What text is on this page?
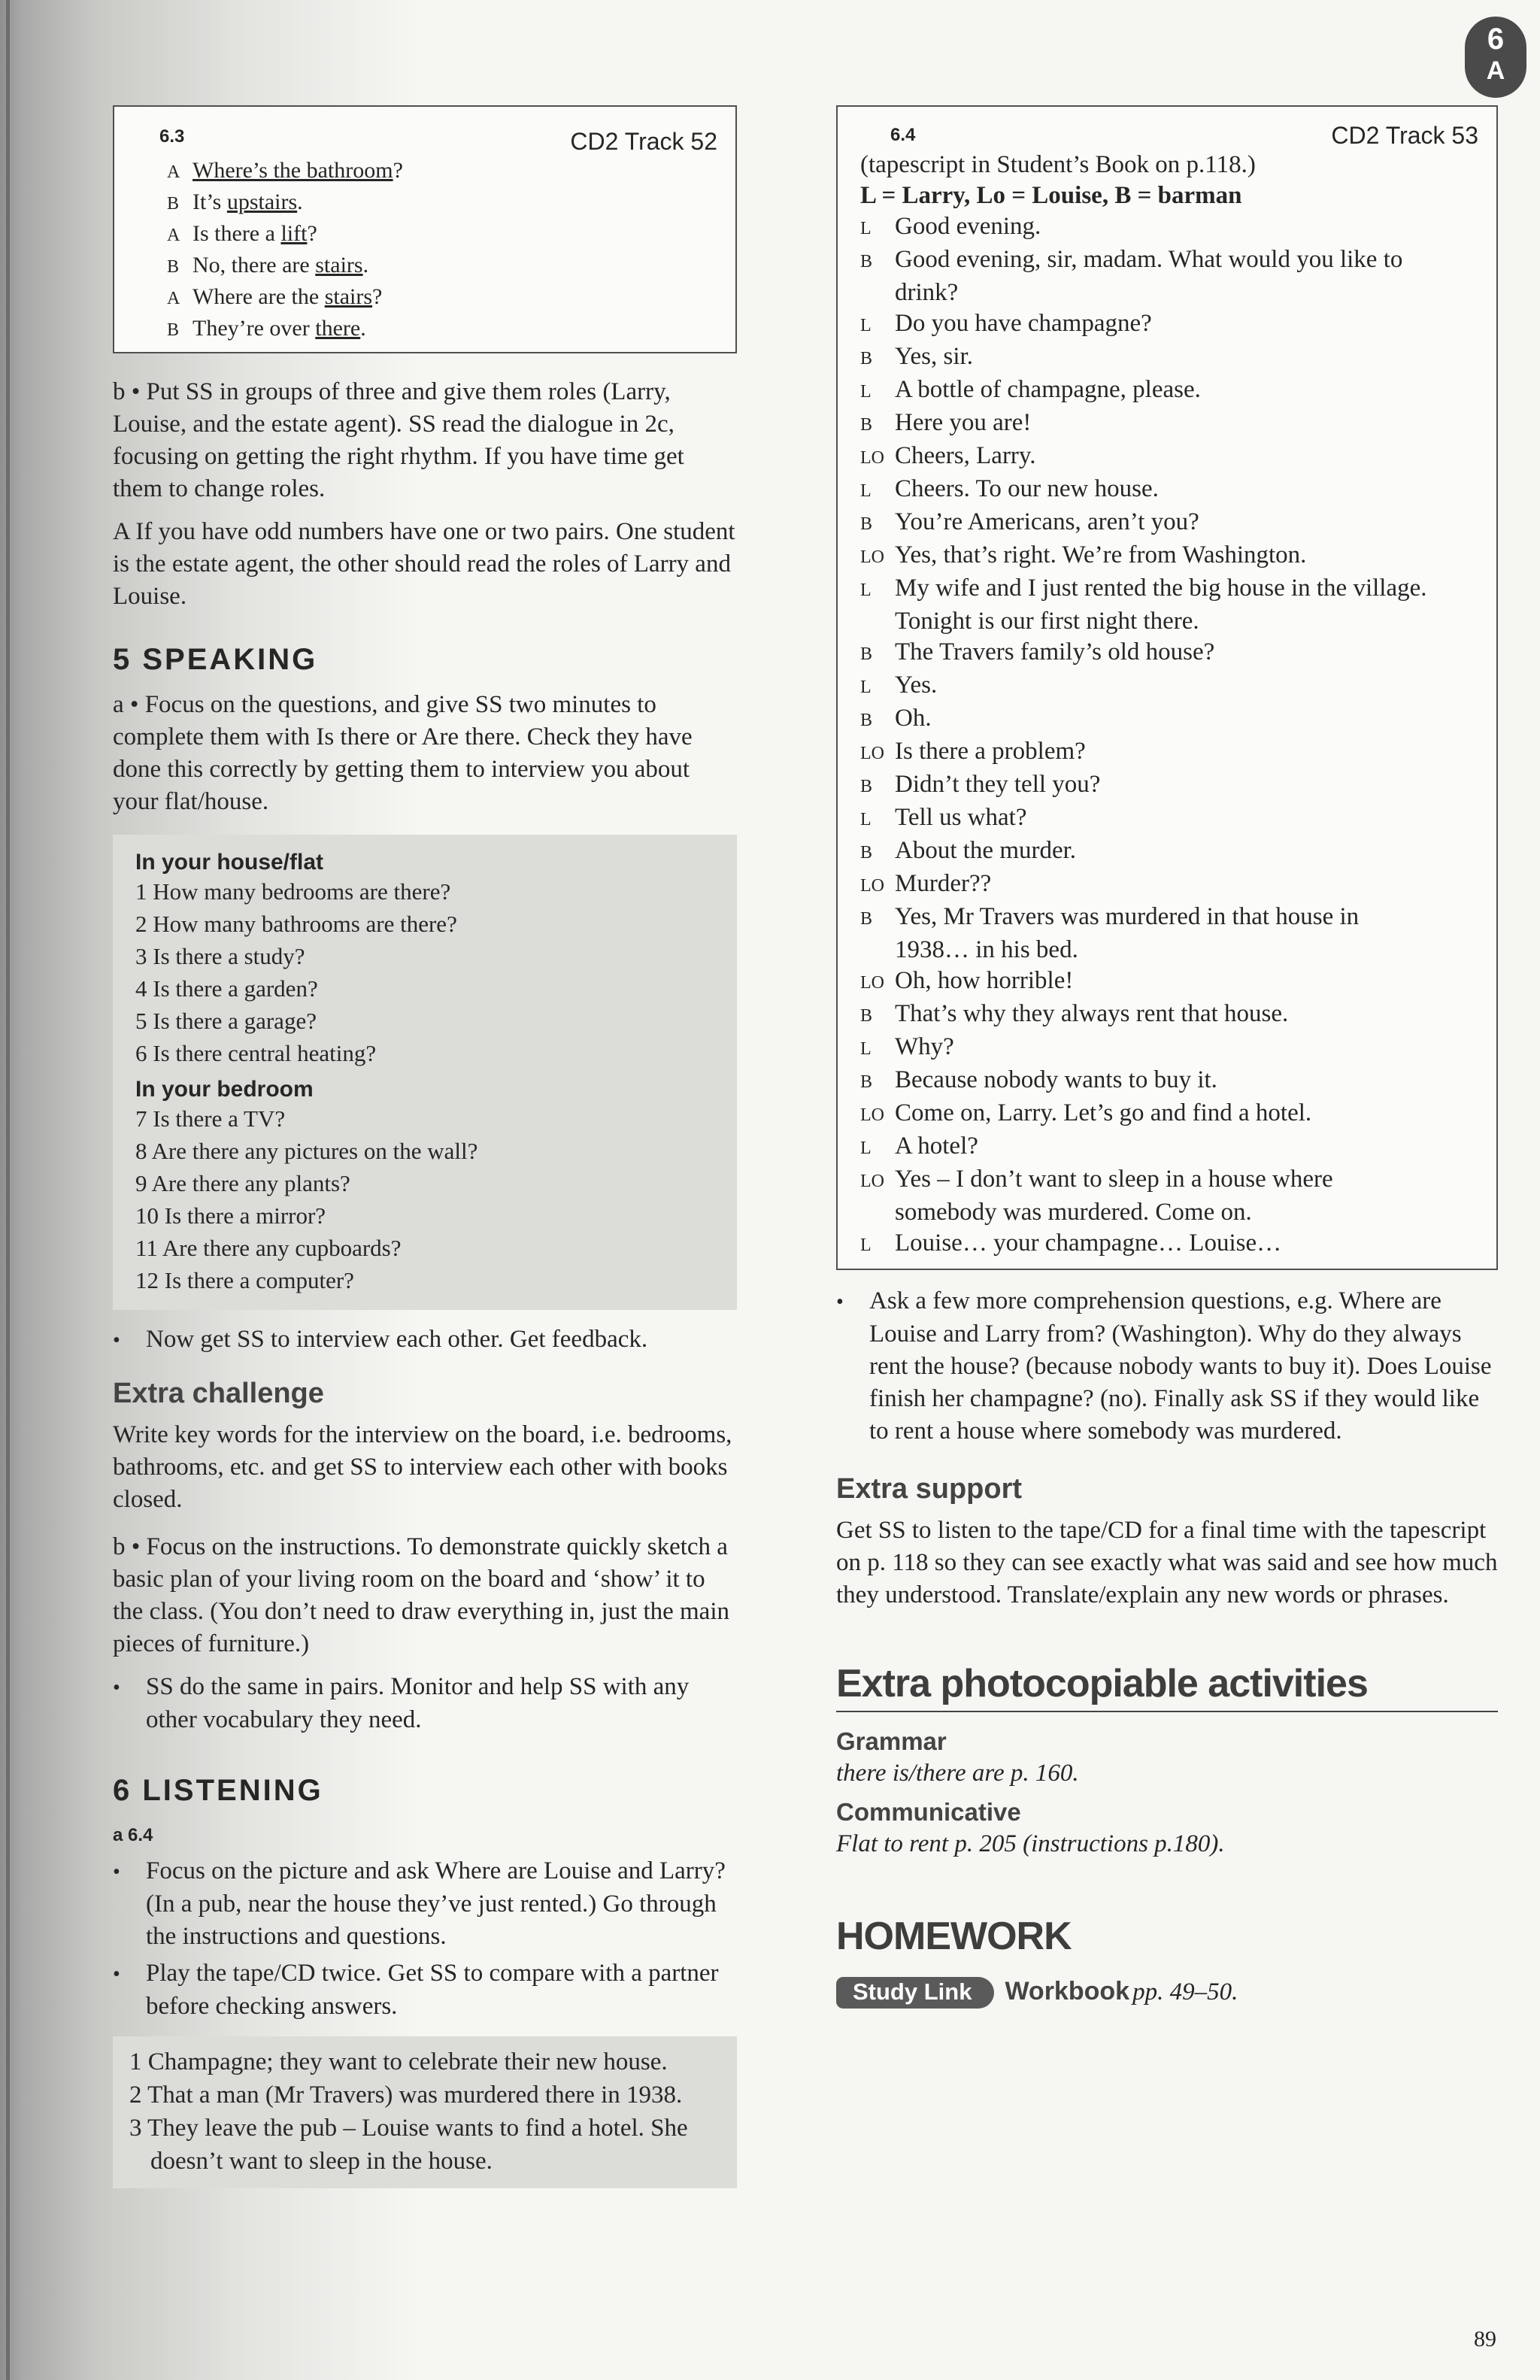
6
A
6.3	CD2 Track 52
A Where’s the bathroom?
B It’s upstairs.
A Is there a lift?
B No, there are stairs.
A Where are the stairs?
B They’re over there.

b • Put SS in groups of three and give them roles (Larry, Louise, and the estate agent). SS read the dialogue in 2c, focusing on getting the right rhythm. If you have time get them to change roles.

A If you have odd numbers have one or two pairs. One student is the estate agent, the other should read the roles of Larry and Louise.

5 SPEAKING

a • Focus on the questions, and give SS two minutes to complete them with Is there or Are there. Check they have done this correctly by getting them to interview you about your flat/house.

In your house/flat
1 How many bedrooms are there?
2 How many bathrooms are there?
3 Is there a study?
4 Is there a garden?
5 Is there a garage?
6 Is there central heating?
In your bedroom
7 Is there a TV?
8 Are there any pictures on the wall?
9 Are there any plants?
10 Is there a mirror?
11 Are there any cupboards?
12 Is there a computer?
• Now get SS to interview each other. Get feedback.
Extra challenge

Write key words for the interview on the board, i.e. bedrooms, bathrooms, etc. and get SS to interview each other with books closed.

b • Focus on the instructions. To demonstrate quickly sketch a basic plan of your living room on the board and ‘show’ it to the class. (You don’t need to draw everything in, just the main pieces of furniture.)

• SS do the same in pairs. Monitor and help SS with any other vocabulary they need.
6 LISTENING
a 6.4
• Focus on the picture and ask Where are Louise and Larry? (In a pub, near the house they’ve just rented.) Go through the instructions and questions.
• Play the tape/CD twice. Get SS to compare with a partner before checking answers.
1 Champagne; they want to celebrate their new house.
2 That a man (Mr Travers) was murdered there in 1938.
3 They leave the pub – Louise wants to find a hotel. She doesn’t want to sleep in the house.
6.4	CD2 Track 53
(tapescript in Student’s Book on p.118.)
L = Larry, Lo = Louise, B = barman
L Good evening.
B Good evening, sir, madam. What would you like to
drink?
L Do you have champagne?
B Yes, sir.
L A bottle of champagne, please.
B Here you are!
LO Cheers, Larry.
L Cheers. To our new house.
B You’re Americans, aren’t you?
LO Yes, that’s right. We’re from Washington.
L My wife and I just rented the big house in the village.
Tonight is our first night there.
B The Travers family’s old house?
L Yes.
B Oh.
LO Is there a problem?
B Didn’t they tell you?
L Tell us what?
B About the murder.
LO Murder??
B Yes, Mr Travers was murdered in that house in
1938… in his bed.
LO Oh, how horrible!
B That’s why they always rent that house.
L Why?
B Because nobody wants to buy it.
LO Come on, Larry. Let’s go and find a hotel.
L A hotel?
LO Yes – I don’t want to sleep in a house where
somebody was murdered. Come on.
L Louise… your champagne… Louise…
• Ask a few more comprehension questions, e.g. Where are Louise and Larry from? (Washington). Why do they always rent the house? (because nobody wants to buy it). Does Louise finish her champagne? (no). Finally ask SS if they would like to rent a house where somebody was murdered.
Extra support

Get SS to listen to the tape/CD for a final time with the tapescript on p. 118 so they can see exactly what was said and see how much they understood. Translate/explain any new words or phrases.

Extra photocopiable activities
Grammar
there is/there are p. 160.
Communicative
Flat to rent p. 205 (instructions p.180).
HOMEWORK
Study Link Workbook pp. 49–50.
89
